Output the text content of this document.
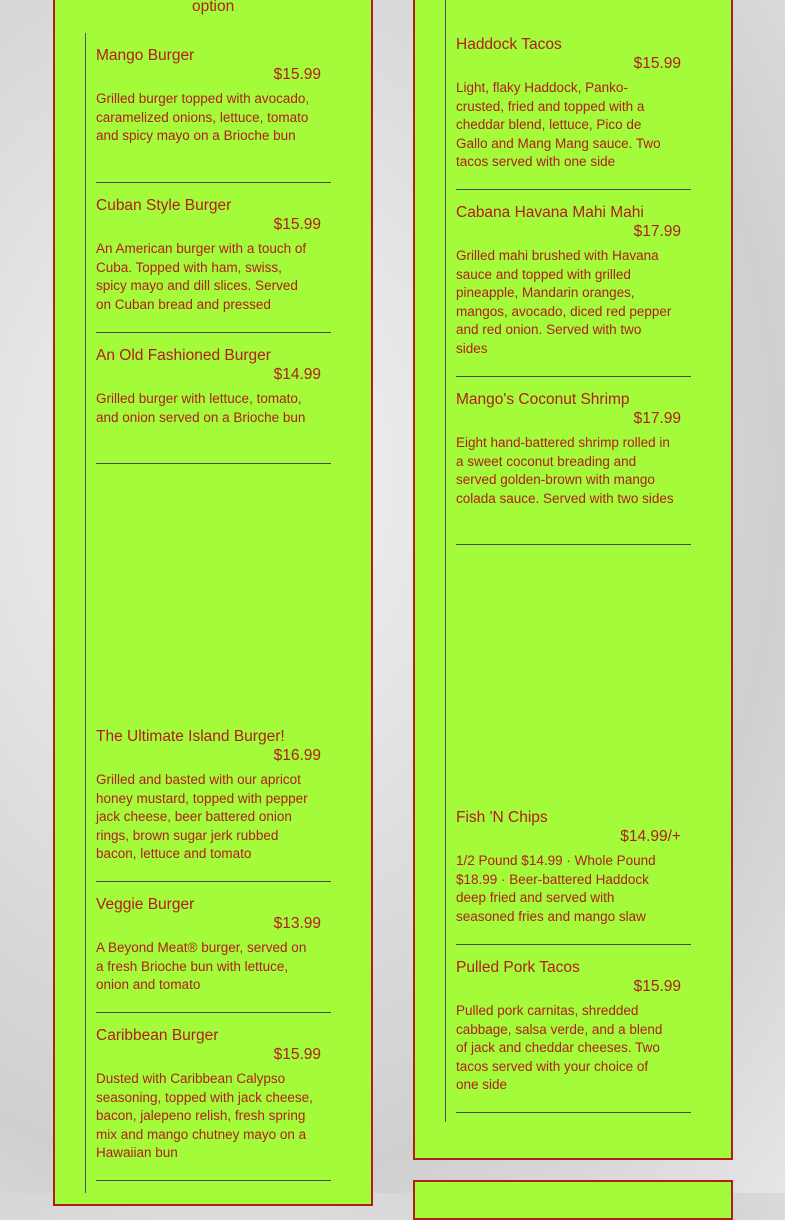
option
Mango Burger
$15.99
Grilled burger topped with avocado, caramelized onions, lettuce, tomato and spicy mayo on a Brioche bun
Cuban Style Burger
$15.99
An American burger with a touch of Cuba. Topped with ham, swiss, spicy mayo and dill slices. Served on Cuban bread and pressed
An Old Fashioned Burger
$14.99
Grilled burger with lettuce, tomato, and onion served on a Brioche bun
The Ultimate Island Burger!
$16.99
Grilled and basted with our apricot honey mustard, topped with pepper jack cheese, beer battered onion rings, brown sugar jerk rubbed bacon, lettuce and tomato
Veggie Burger
$13.99
A Beyond Meat® burger, served on a fresh Brioche bun with lettuce, onion and tomato
Caribbean Burger
$15.99
Dusted with Caribbean Calypso seasoning, topped with jack cheese, bacon, jalepeno relish, fresh spring mix and mango chutney mayo on a Hawaiian bun
Haddock Tacos
$15.99
Light, flaky Haddock, Panko-crusted, fried and topped with a cheddar blend, lettuce, Pico de Gallo and Mang Mang sauce. Two tacos served with one side
Cabana Havana Mahi Mahi
$17.99
Grilled mahi brushed with Havana sauce and topped with grilled pineapple, Mandarin oranges, mangos, avocado, diced red pepper and red onion. Served with two sides
Mango's Coconut Shrimp
$17.99
Eight hand-battered shrimp rolled in a sweet coconut breading and served golden-brown with mango colada sauce. Served with two sides
Fish 'N Chips
$14.99/+
1/2 Pound $14.99 · Whole Pound $18.99 · Beer-battered Haddock deep fried and served with seasoned fries and mango slaw
Pulled Pork Tacos
$15.99
Pulled pork carnitas, shredded cabbage, salsa verde, and a blend of jack and cheddar cheeses. Two tacos served with your choice of one side
